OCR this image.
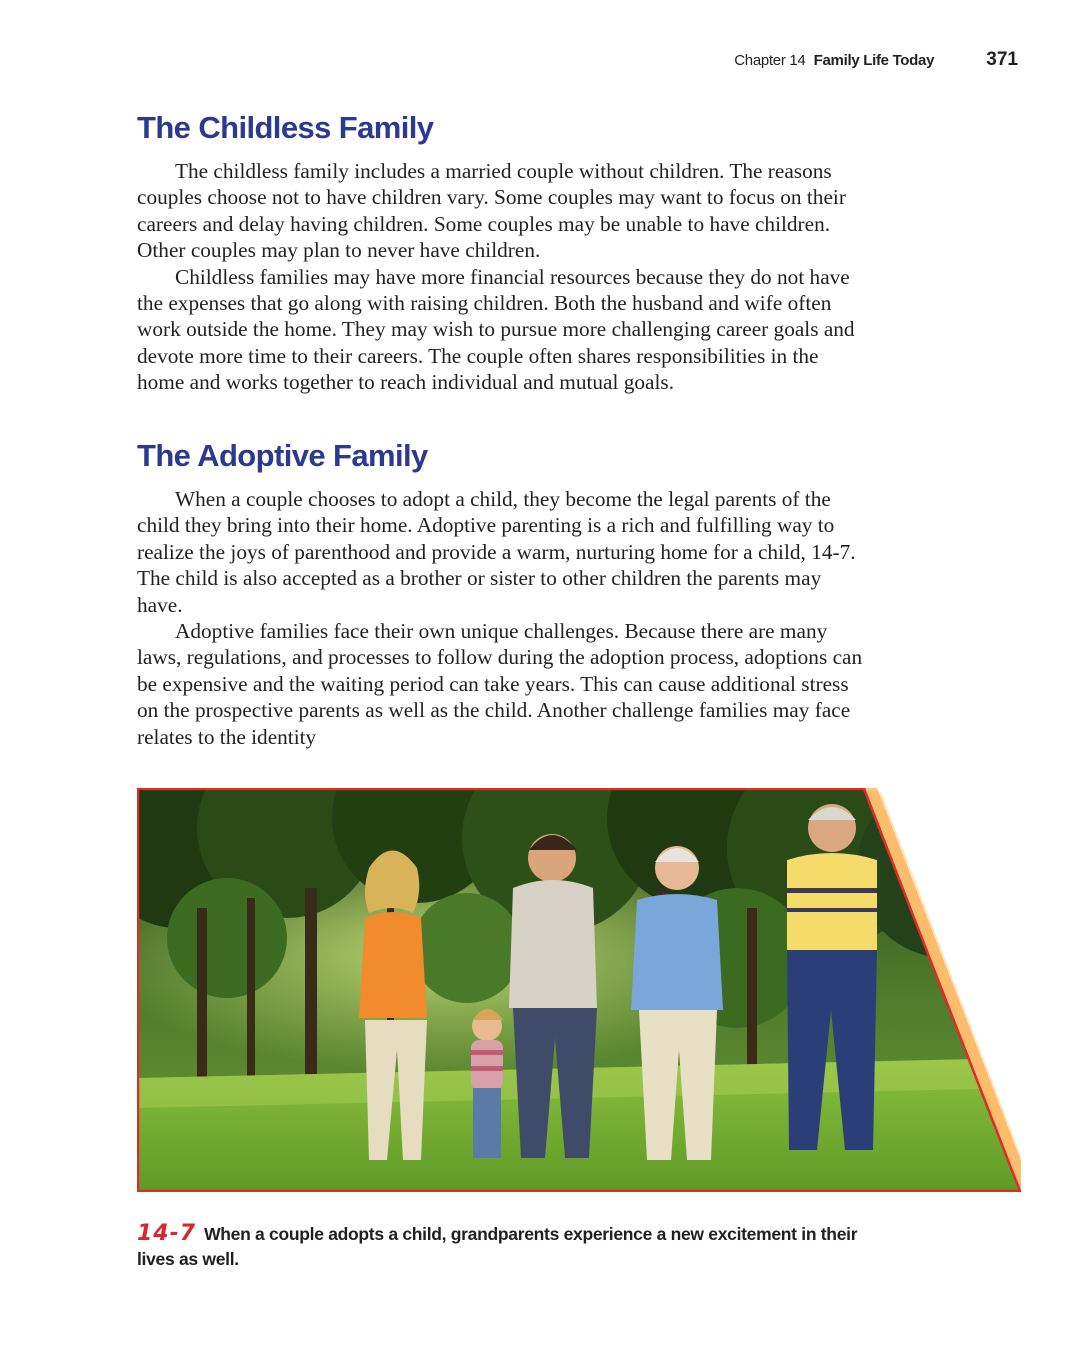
Chapter 14 Family Life Today	371
The Childless Family

The childless family includes a married couple without children. The reasons couples choose not to have children vary. Some couples may want to focus on their careers and delay having children. Some couples may be unable to have children. Other couples may plan to never have children.

Childless families may have more financial resources because they do not have the expenses that go along with raising children. Both the husband and wife often work outside the home. They may wish to pursue more challenging career goals and devote more time to their careers. The couple often shares responsibilities in the home and works together to reach individual and mutual goals.

The Adoptive Family

When a couple chooses to adopt a child, they become the legal parents of the child they bring into their home. Adoptive parenting is a rich and fulfilling way to realize the joys of parenthood and provide a warm, nurturing home for a child, 14-7. The child is also accepted as a brother or sister to other children the parents may have.

Adoptive families face their own unique challenges. Because there are many laws, regulations, and processes to follow during the adoption process, adoptions can be expensive and the waiting period can take years. This can cause additional stress on the prospective parents as well as the child. Another challenge families may face relates to the identity

14-7 When a couple adopts a child, grandparents experience a new excitement in their lives as well.
